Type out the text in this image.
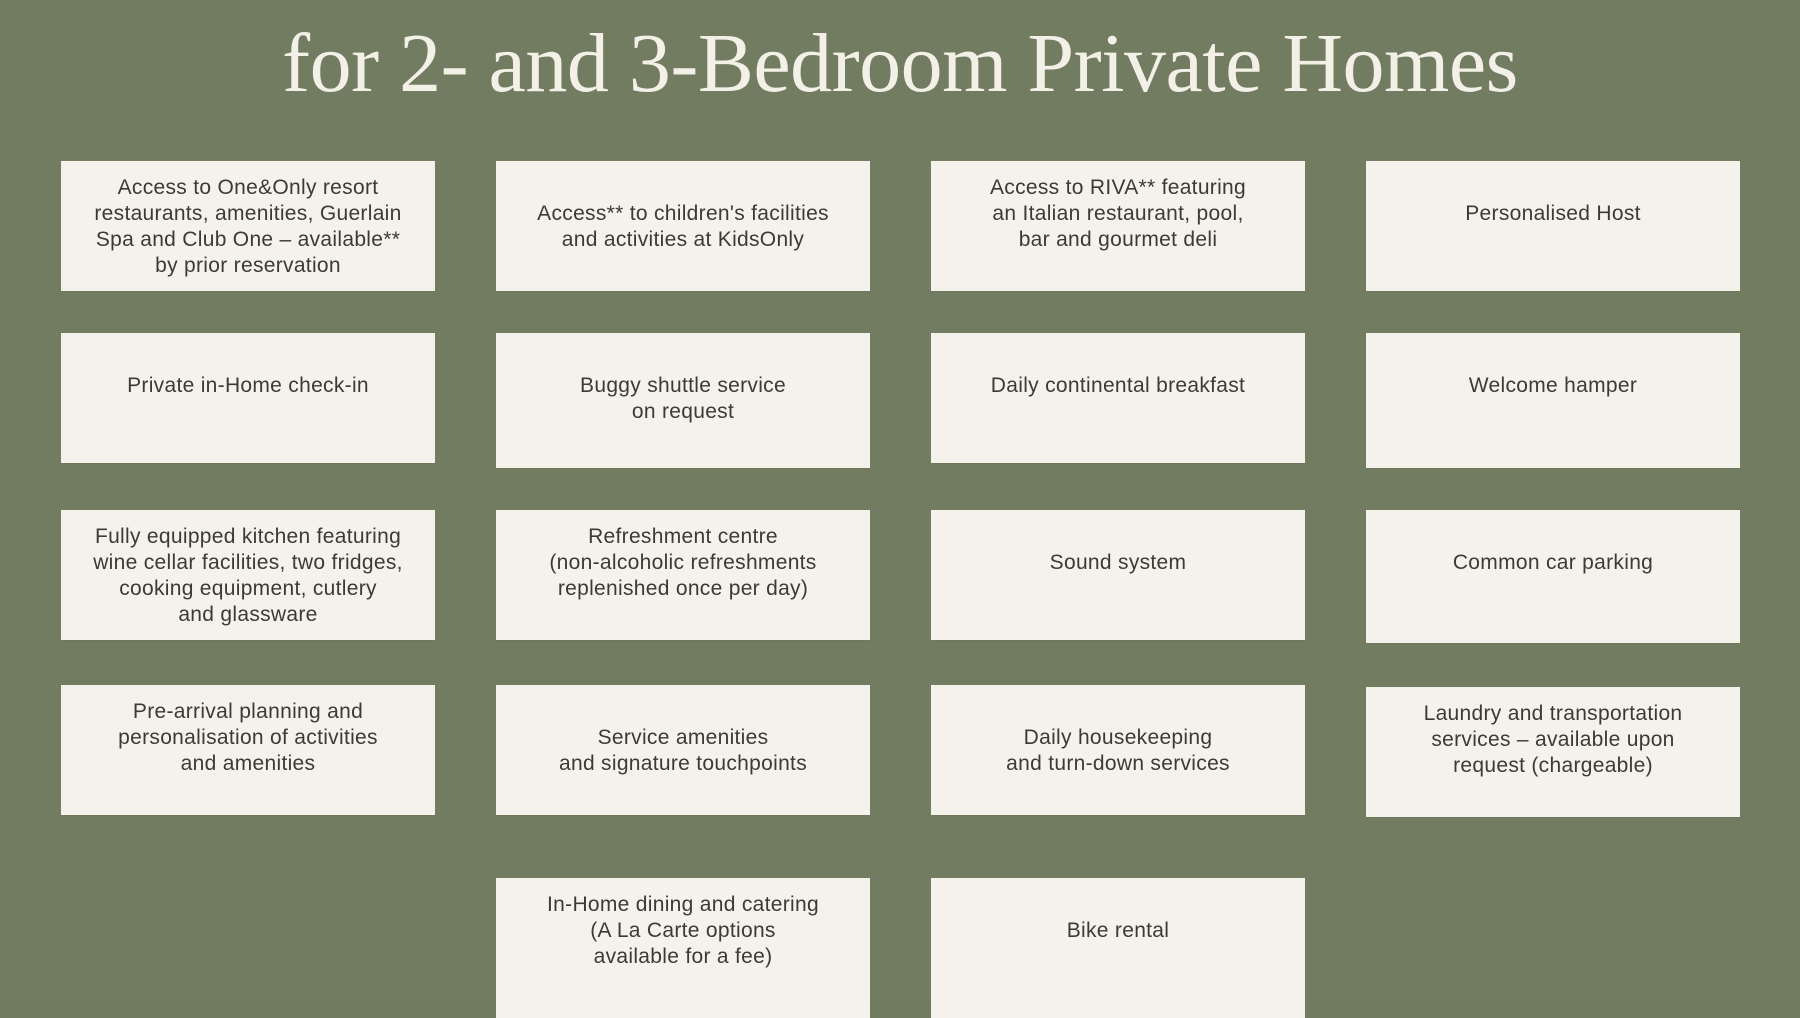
for 2- and 3-Bedroom Private Homes
Access to One&Only resort
restaurants, amenities, Guerlain
Spa and Club One – available**
by prior reservation
Access** to children's facilities
and activities at KidsOnly
Access to RIVA** featuring
an Italian restaurant, pool,
bar and gourmet deli
Personalised Host
Private in-Home check-in	Buggy shuttle service
on request
Daily continental breakfast	Welcome hamper
Fully equipped kitchen featuring
wine cellar facilities, two fridges,
cooking equipment, cutlery
and glassware
Refreshment centre
(non-alcoholic refreshments
replenished once per day)
Sound system	Common car parking
Pre-arrival planning and
personalisation of activities
and amenities
Service amenities
and signature touchpoints
Daily housekeeping
and turn-down services
Laundry and transportation
services – available upon
request (chargeable)
In-Home dining and catering
(A La Carte options
available for a fee)
Bike rental
